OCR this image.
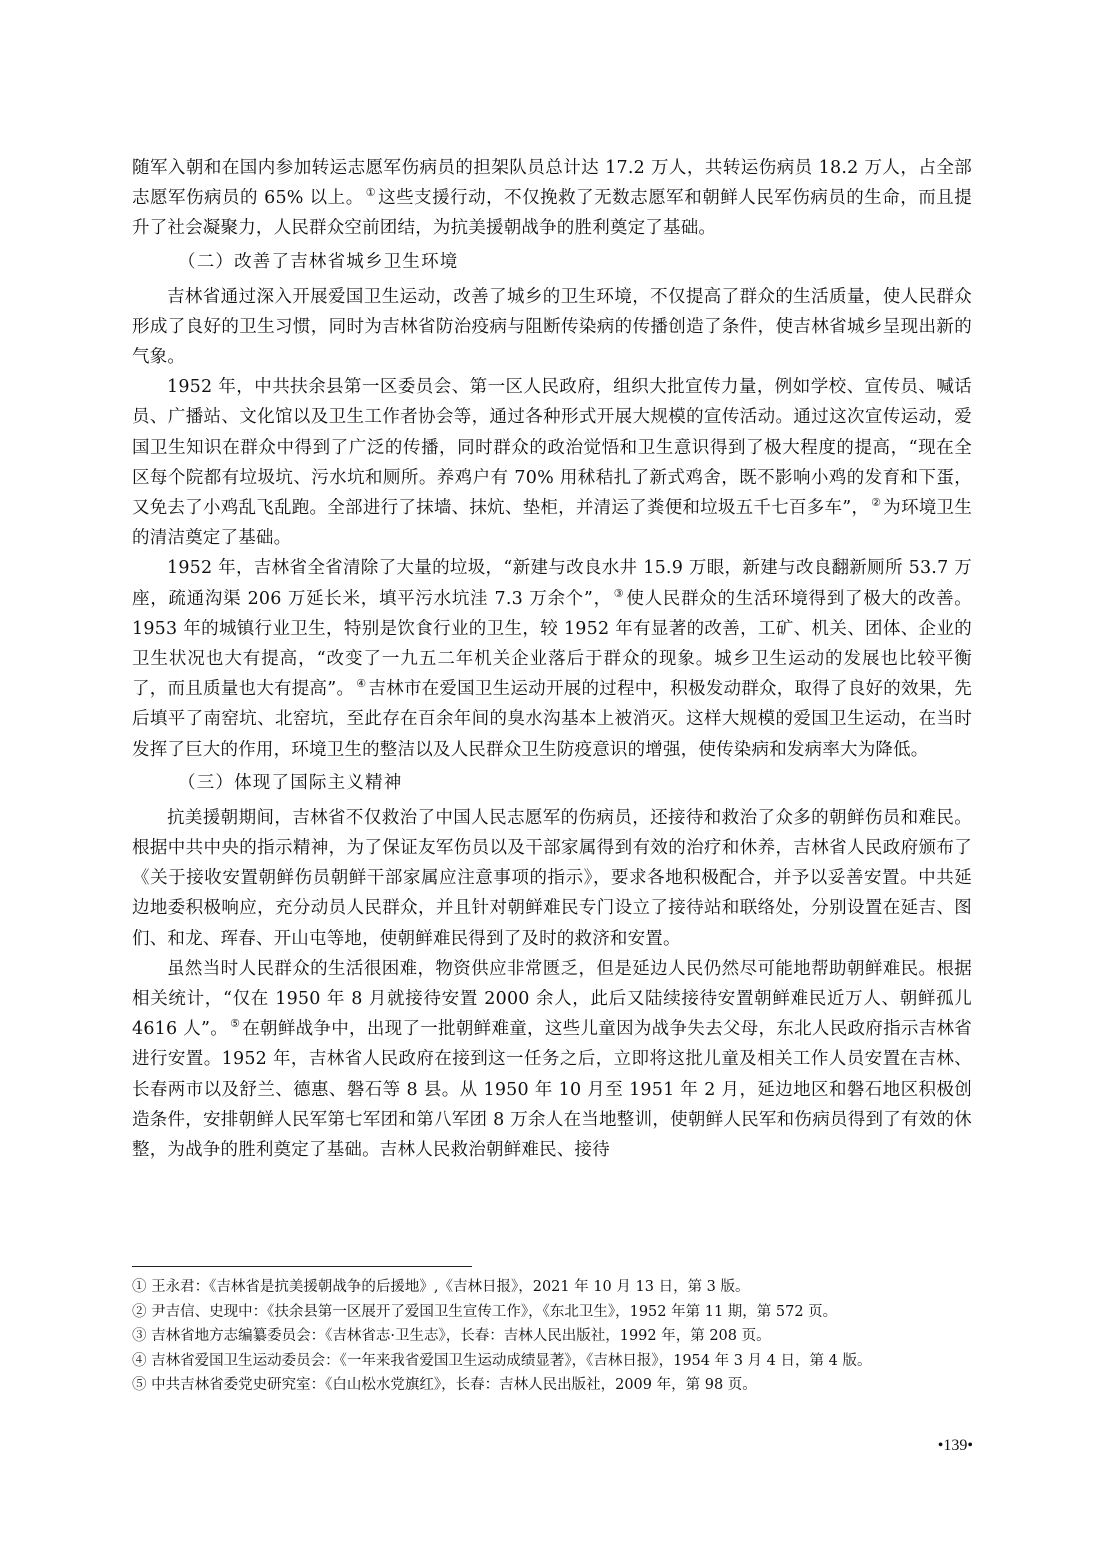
随军入朝和在国内参加转运志愿军伤病员的担架队员总计达 17.2 万人，共转运伤病员 18.2 万人，占全部志愿军伤病员的 65% 以上。 ① 这些支援行动，不仅挽救了无数志愿军和朝鲜人民军伤病员的生命，而且提升了社会凝聚力，人民群众空前团结，为抗美援朝战争的胜利奠定了基础。

（二）改善了吉林省城乡卫生环境

吉林省通过深入开展爱国卫生运动，改善了城乡的卫生环境，不仅提高了群众的生活质量，使人民群众形成了良好的卫生习惯，同时为吉林省防治疫病与阻断传染病的传播创造了条件，使吉林省城乡呈现出新的气象。

1952 年，中共扶余县第一区委员会、第一区人民政府，组织大批宣传力量，例如学校、宣传员、喊话员、广播站、文化馆以及卫生工作者协会等，通过各种形式开展大规模的宣传活动。通过这次宣传运动，爱国卫生知识在群众中得到了广泛的传播，同时群众的政治觉悟和卫生意识得到了极大程度的提高，“现在全区每个院都有垃圾坑、污水坑和厕所。养鸡户有 70% 用秫秸扎了新式鸡舍，既不影响小鸡的发育和下蛋，又免去了小鸡乱飞乱跑。全部进行了抹墙、抹炕、垫柜，并清运了粪便和垃圾五千七百多车”， ② 为环境卫生的清洁奠定了基础。

1952 年，吉林省全省清除了大量的垃圾，“新建与改良水井 15.9 万眼，新建与改良翻新厕所 53.7 万座，疏通沟渠 206 万延长米，填平污水坑洼 7.3 万余个”， ③ 使人民群众的生活环境得到了极大的改善。1953 年的城镇行业卫生，特别是饮食行业的卫生，较 1952 年有显著的改善，工矿、机关、团体、企业的卫生状况也大有提高，“改变了一九五二年机关企业落后于群众的现象。城乡卫生运动的发展也比较平衡了，而且质量也大有提高”。 ④ 吉林市在爱国卫生运动开展的过程中，积极发动群众，取得了良好的效果，先后填平了南窑坑、北窑坑，至此存在百余年间的臭水沟基本上被消灭。这样大规模的爱国卫生运动，在当时发挥了巨大的作用，环境卫生的整洁以及人民群众卫生防疫意识的增强，使传染病和发病率大为降低。

（三）体现了国际主义精神

抗美援朝期间，吉林省不仅救治了中国人民志愿军的伤病员，还接待和救治了众多的朝鲜伤员和难民。根据中共中央的指示精神，为了保证友军伤员以及干部家属得到有效的治疗和休养，吉林省人民政府颁布了《关于接收安置朝鲜伤员朝鲜干部家属应注意事项的指示》，要求各地积极配合，并予以妥善安置。中共延边地委积极响应，充分动员人民群众，并且针对朝鲜难民专门设立了接待站和联络处，分别设置在延吉、图们、和龙、珲春、开山屯等地，使朝鲜难民得到了及时的救济和安置。

虽然当时人民群众的生活很困难，物资供应非常匮乏，但是延边人民仍然尽可能地帮助朝鲜难民。根据相关统计，“仅在 1950 年 8 月就接待安置 2000 余人，此后又陆续接待安置朝鲜难民近万人、朝鲜孤儿 4616 人”。 ⑤ 在朝鲜战争中，出现了一批朝鲜难童，这些儿童因为战争失去父母，东北人民政府指示吉林省进行安置。1952 年，吉林省人民政府在接到这一任务之后，立即将这批儿童及相关工作人员安置在吉林、长春两市以及舒兰、德惠、磐石等 8 县。从 1950 年 10 月至 1951 年 2 月，延边地区和磐石地区积极创造条件，安排朝鲜人民军第七军团和第八军团 8 万余人在当地整训，使朝鲜人民军和伤病员得到了有效的休整，为战争的胜利奠定了基础。吉林人民救治朝鲜难民、接待

① 王永君：《吉林省是抗美援朝战争的后援地》,《吉林日报》，2021 年 10 月 13 日，第 3 版。

② 尹吉信、史现中：《扶余县第一区展开了爱国卫生宣传工作》，《东北卫生》，1952 年第 11 期，第 572 页。

③ 吉林省地方志编纂委员会：《吉林省志·卫生志》，长春：吉林人民出版社，1992 年，第 208 页。

④ 吉林省爱国卫生运动委员会：《一年来我省爱国卫生运动成绩显著》，《吉林日报》，1954 年 3 月 4 日，第 4 版。

⑤ 中共吉林省委党史研究室：《白山松水党旗红》，长春：吉林人民出版社，2009 年，第 98 页。

•139•
